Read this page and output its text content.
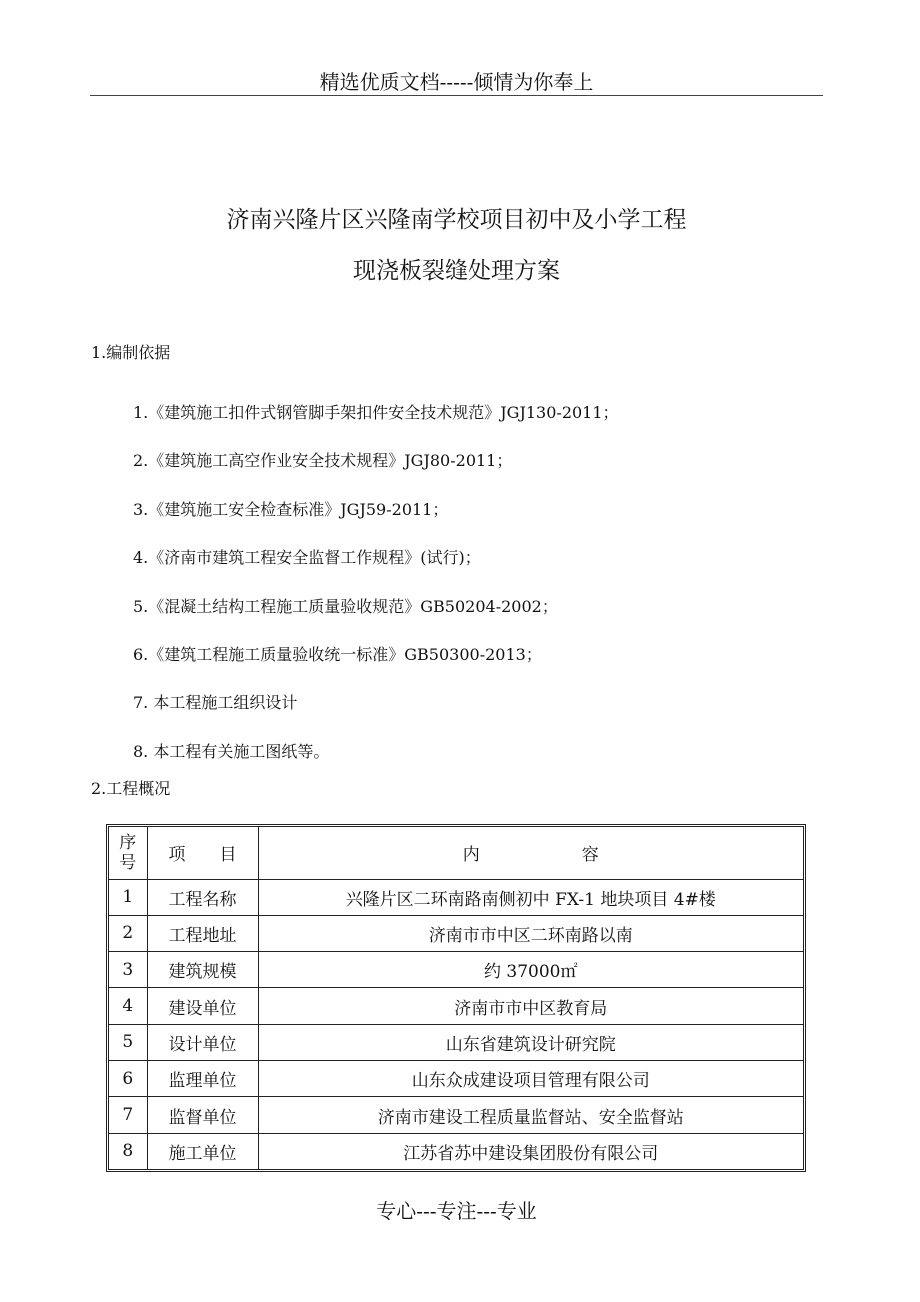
精选优质文档-----倾情为你奉上
济南兴隆片区兴隆南学校项目初中及小学工程
现浇板裂缝处理方案
1.编制依据
1.《建筑施工扣件式钢管脚手架扣件安全技术规范》JGJ130-2011；
2.《建筑施工高空作业安全技术规程》JGJ80-2011；
3.《建筑施工安全检查标准》JGJ59-2011；
4.《济南市建筑工程安全监督工作规程》(试行)；
5.《混凝土结构工程施工质量验收规范》GB50204-2002；
6.《建筑工程施工质量验收统一标准》GB50300-2013；
7. 本工程施工组织设计
8. 本工程有关施工图纸等。
2.工程概况
序
号	项　　目	内　　　　　　容
1	工程名称	兴隆片区二环南路南侧初中 FX-1 地块项目 4#楼
2	工程地址	济南市市中区二环南路以南
3	建筑规模	约 37000㎡
4	建设单位	济南市市中区教育局
5	设计单位	山东省建筑设计研究院
6	监理单位	山东众成建设项目管理有限公司
7	监督单位	济南市建设工程质量监督站、安全监督站
8	施工单位	江苏省苏中建设集团股份有限公司
专心---专注---专业
